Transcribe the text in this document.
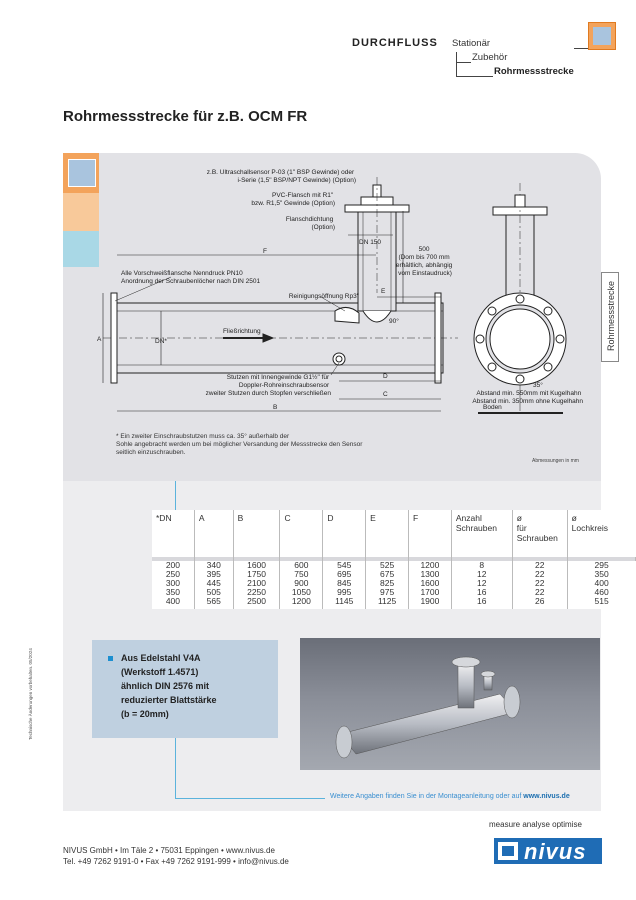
DURCHFLUSS Stationär
Zubehör
Rohrmessstrecke
Rohrmessstrecke für z.B. OCM FR
Rohrmessstrecke
z.B. Ultraschallsensor P-03 (1" BSP Gewinde) oder i-Serie (1,5" BSP/NPT Gewinde) (Option)
PVC-Flansch mit R1" bzw. R1,5" Gewinde (Option)
Flanschdichtung (Option)
DN 150
500 (Dom bis 700 mm erhältlich, abhängig vom Einstaudruck)
Alle Vorschweißflansche Nenndruck PN10 Anordnung der Schraubenlöcher nach DIN 2501
Reinigungsöffnung Rp3"
Fließrichtung
Stutzen mit Innengewinde G1½" für Doppler-Rohreinschraubsensor zweiter Stutzen durch Stopfen verschließen	Abstand min. 550mm mit Kugelhahn Abstand min. 350mm ohne Kugelhahn
Boden
F
E
D
C
B
A	DN*
90°
35°
* Ein zweiter Einschraubstutzen muss ca. 35° außerhalb der
Sohle angebracht werden um bei möglicher Versandung der Messstrecke den Sensor
seitlich einzuschrauben.
Abmessungen in mm
*DN	A	B	C	D	E	F	Anzahl
Schrauben	ø
für
Schrauben	ø
Lochkreis

200	340	1600	600	545	525	1200	8	22	295
250	395	1750	750	695	675	1300	12	22	350
300	445	2100	900	845	825	1600	12	22	400
350	505	2250	1050	995	975	1700	16	22	460
400	565	2500	1200	1145	1125	1900	16	26	515
Aus Edelstahl V4A
(Werkstoff 1.4571)
ähnlich DIN 2576 mit
reduzierter Blattstärke
(b = 20mm)
Weitere Angaben finden Sie in der Montageanleitung oder auf www.nivus.de
measure analyse optimise
NIVUS GmbH • Im Täle 2 • 75031 Eppingen • www.nivus.de
Tel. +49 7262 9191-0 • Fax +49 7262 9191-999 • info@nivus.de	nivus
Technische Änderungen vorbehalten. 05/2024
